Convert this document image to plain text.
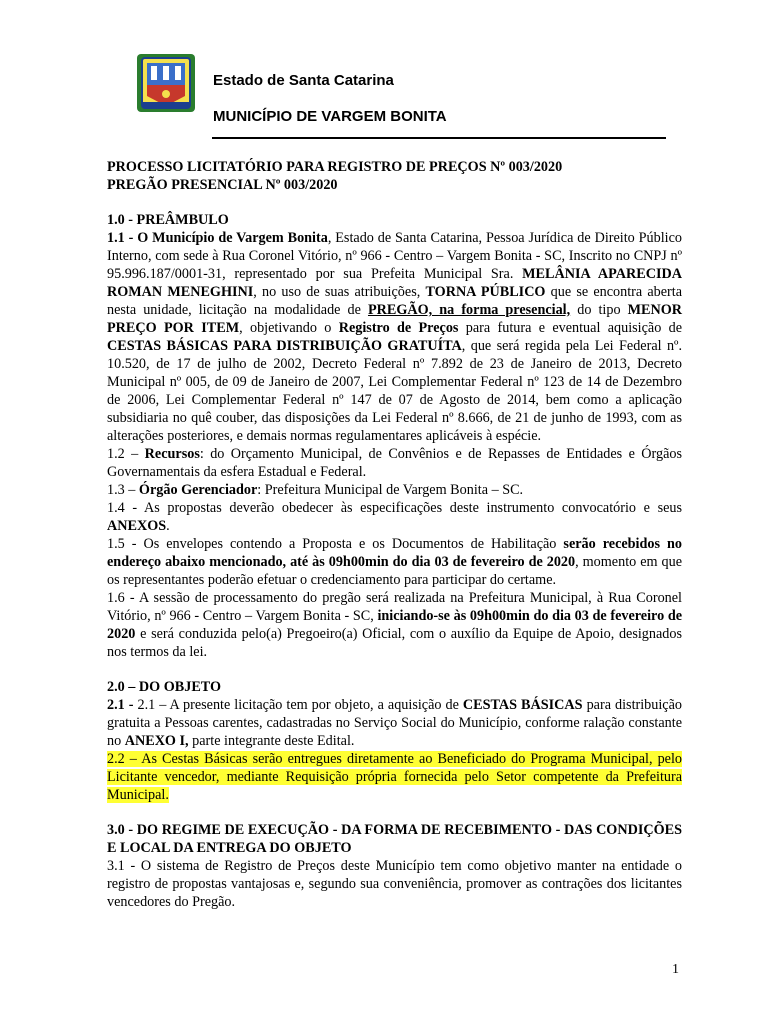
Estado de Santa Catarina
MUNICÍPIO DE VARGEM BONITA

PROCESSO LICITATÓRIO PARA REGISTRO DE PREÇOS Nº 003/2020

PREGÃO PRESENCIAL Nº 003/2020

1.0 - PREÂMBULO

1.1 - O Município de Vargem Bonita, Estado de Santa Catarina, Pessoa Jurídica de Direito Público Interno, com sede à Rua Coronel Vitório, nº 966 - Centro – Vargem Bonita - SC, Inscrito no CNPJ nº 95.996.187/0001-31, representado por sua Prefeita Municipal Sra. MELÂNIA APARECIDA ROMAN MENEGHINI, no uso de suas atribuições, TORNA PÚBLICO que se encontra aberta nesta unidade, licitação na modalidade de PREGÃO, na forma presencial, do tipo MENOR PREÇO POR ITEM, objetivando o Registro de Preços para futura e eventual aquisição de CESTAS BÁSICAS PARA DISTRIBUIÇÃO GRATUÍTA, que será regida pela Lei Federal nº. 10.520, de 17 de julho de 2002, Decreto Federal nº 7.892 de 23 de Janeiro de 2013, Decreto Municipal nº 005, de 09 de Janeiro de 2007, Lei Complementar Federal nº 123 de 14 de Dezembro de 2006, Lei Complementar Federal nº 147 de 07 de Agosto de 2014, bem como a aplicação subsidiaria no quê couber, das disposições da Lei Federal nº 8.666, de 21 de junho de 1993, com as alterações posteriores, e demais normas regulamentares aplicáveis à espécie.

1.2 – Recursos: do Orçamento Municipal, de Convênios e de Repasses de Entidades e Órgãos Governamentais da esfera Estadual e Federal.

1.3 – Órgão Gerenciador: Prefeitura Municipal de Vargem Bonita – SC.

1.4 - As propostas deverão obedecer às especificações deste instrumento convocatório e seus ANEXOS.

1.5 - Os envelopes contendo a Proposta e os Documentos de Habilitação serão recebidos no endereço abaixo mencionado, até às 09h00min do dia 03 de fevereiro de 2020, momento em que os representantes poderão efetuar o credenciamento para participar do certame.

1.6 - A sessão de processamento do pregão será realizada na Prefeitura Municipal, à Rua Coronel Vitório, nº 966 - Centro – Vargem Bonita - SC, iniciando-se às 09h00min do dia 03 de fevereiro de 2020 e será conduzida pelo(a) Pregoeiro(a) Oficial, com o auxílio da Equipe de Apoio, designados nos termos da lei.

2.0 – DO OBJETO

2.1 - 2.1 – A presente licitação tem por objeto, a aquisição de CESTAS BÁSICAS para distribuição gratuita a Pessoas carentes, cadastradas no Serviço Social do Município, conforme ralação constante no ANEXO I, parte integrante deste Edital.

2.2 – As Cestas Básicas serão entregues diretamente ao Beneficiado do Programa Municipal, pelo Licitante vencedor, mediante Requisição própria fornecida pelo Setor competente da Prefeitura Municipal.

3.0 - DO REGIME DE EXECUÇÃO - DA FORMA DE RECEBIMENTO - DAS CONDIÇÕES E LOCAL DA ENTREGA DO OBJETO

3.1 - O sistema de Registro de Preços deste Município tem como objetivo manter na entidade o registro de propostas vantajosas e, segundo sua conveniência, promover as contrações dos licitantes vencedores do Pregão.

1
